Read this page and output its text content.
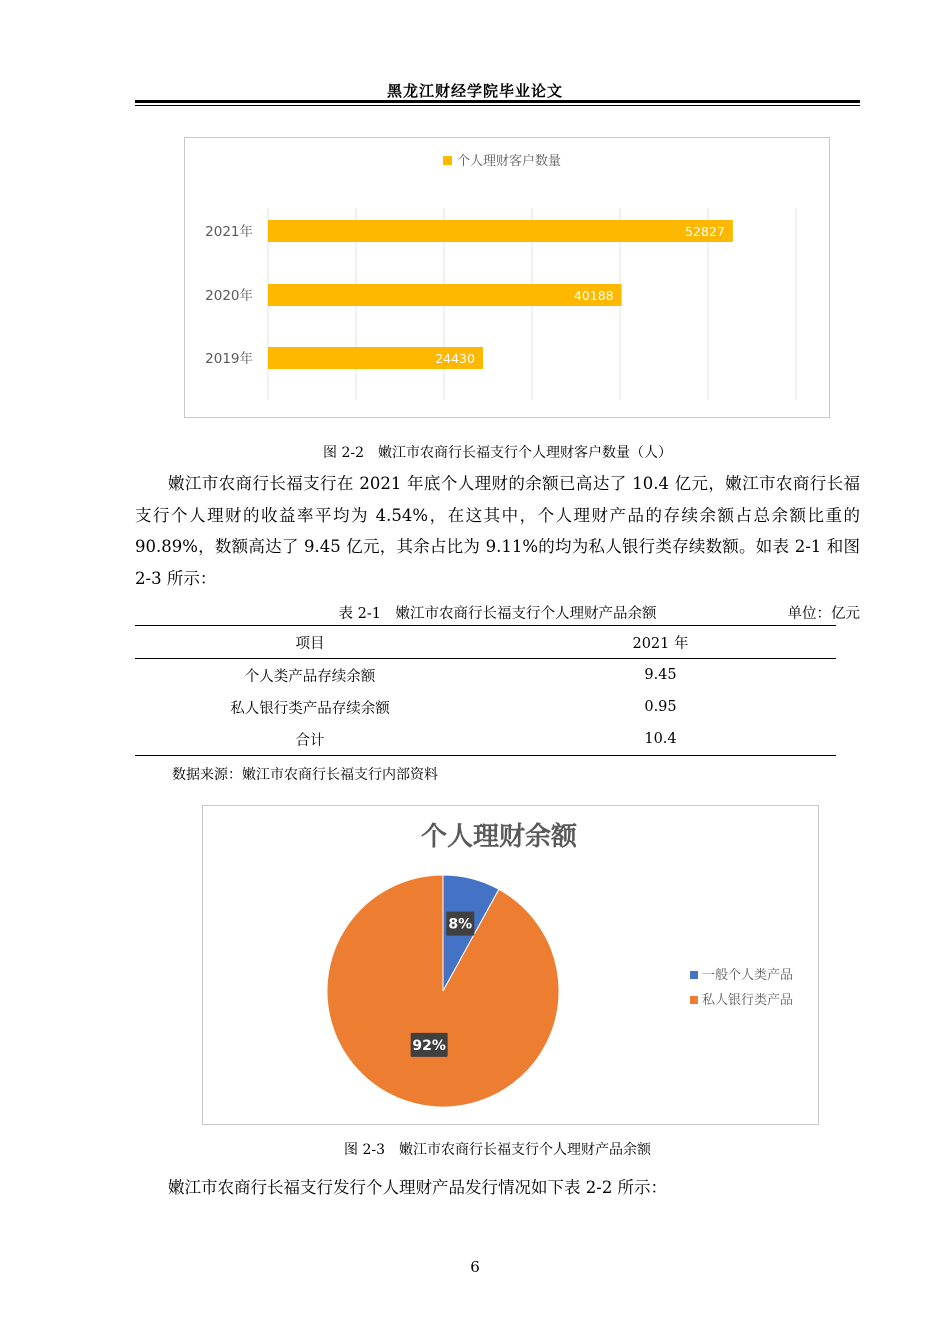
黑龙江财经学院毕业论文
个人理财客户数量
2021年	52827
2020年	40188
2019年	24430
图 2-2　嫩江市农商行长福支行个人理财客户数量（人）
嫩江市农商行长福支行在 2021 年底个人理财的余额已高达了 10.4 亿元，嫩江市农商行长福支行个人理财的收益率平均为 4.54%，在这其中，个人理财产品的存续余额占总余额比重的 90.89%，数额高达了 9.45 亿元，其余占比为 9.11%的均为私人银行类存续数额。如表 2-1 和图 2-3 所示：
表 2-1　嫩江市农商行长福支行个人理财产品余额	单位：亿元
项目	2021 年
个人类产品存续余额	9.45
私人银行类产品存续余额	0.95
合计	10.4
数据来源：嫩江市农商行长福支行内部资料
个人理财余额
8%
92%
一般个人类产品
私人银行类产品
图 2-3　嫩江市农商行长福支行个人理财产品余额
嫩江市农商行长福支行发行个人理财产品发行情况如下表 2-2 所示：
6
